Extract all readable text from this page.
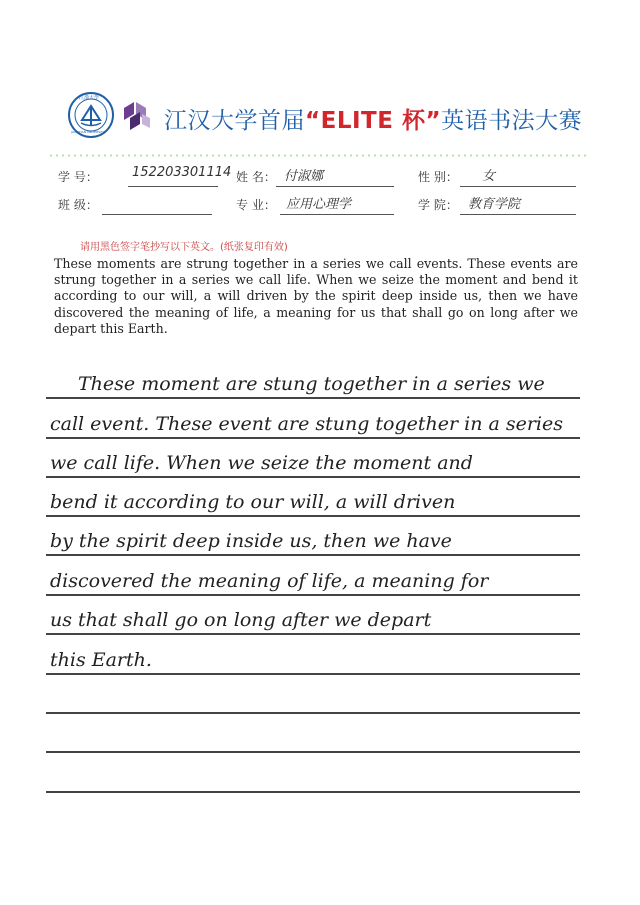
江汉大学首届“ELITE 杯”英语书法大赛
江漢大學
JIANGHAN UNIVERSITY
学 号：	152203301114 姓 名： 付淑娜	性 别： 女
班 级：	专 业： 应用心理学	学 院： 教育学院
请用黑色签字笔抄写以下英文。(纸张复印有效)
These moments are strung together in a series we call events. These events are strung together in a series we call life. When we seize the moment and bend it according to our will, a will driven by the spirit deep inside us, then we have discovered the meaning of life, a meaning for us that shall go on long after we depart this Earth.
These moment are stung together in a series we
call event. These event are stung together in a series
we call life. When we seize the moment and
bend it according to our will, a will driven
by the spirit deep inside us, then we have
discovered the meaning of life, a meaning for
us that shall go on long after we depart
this Earth.
